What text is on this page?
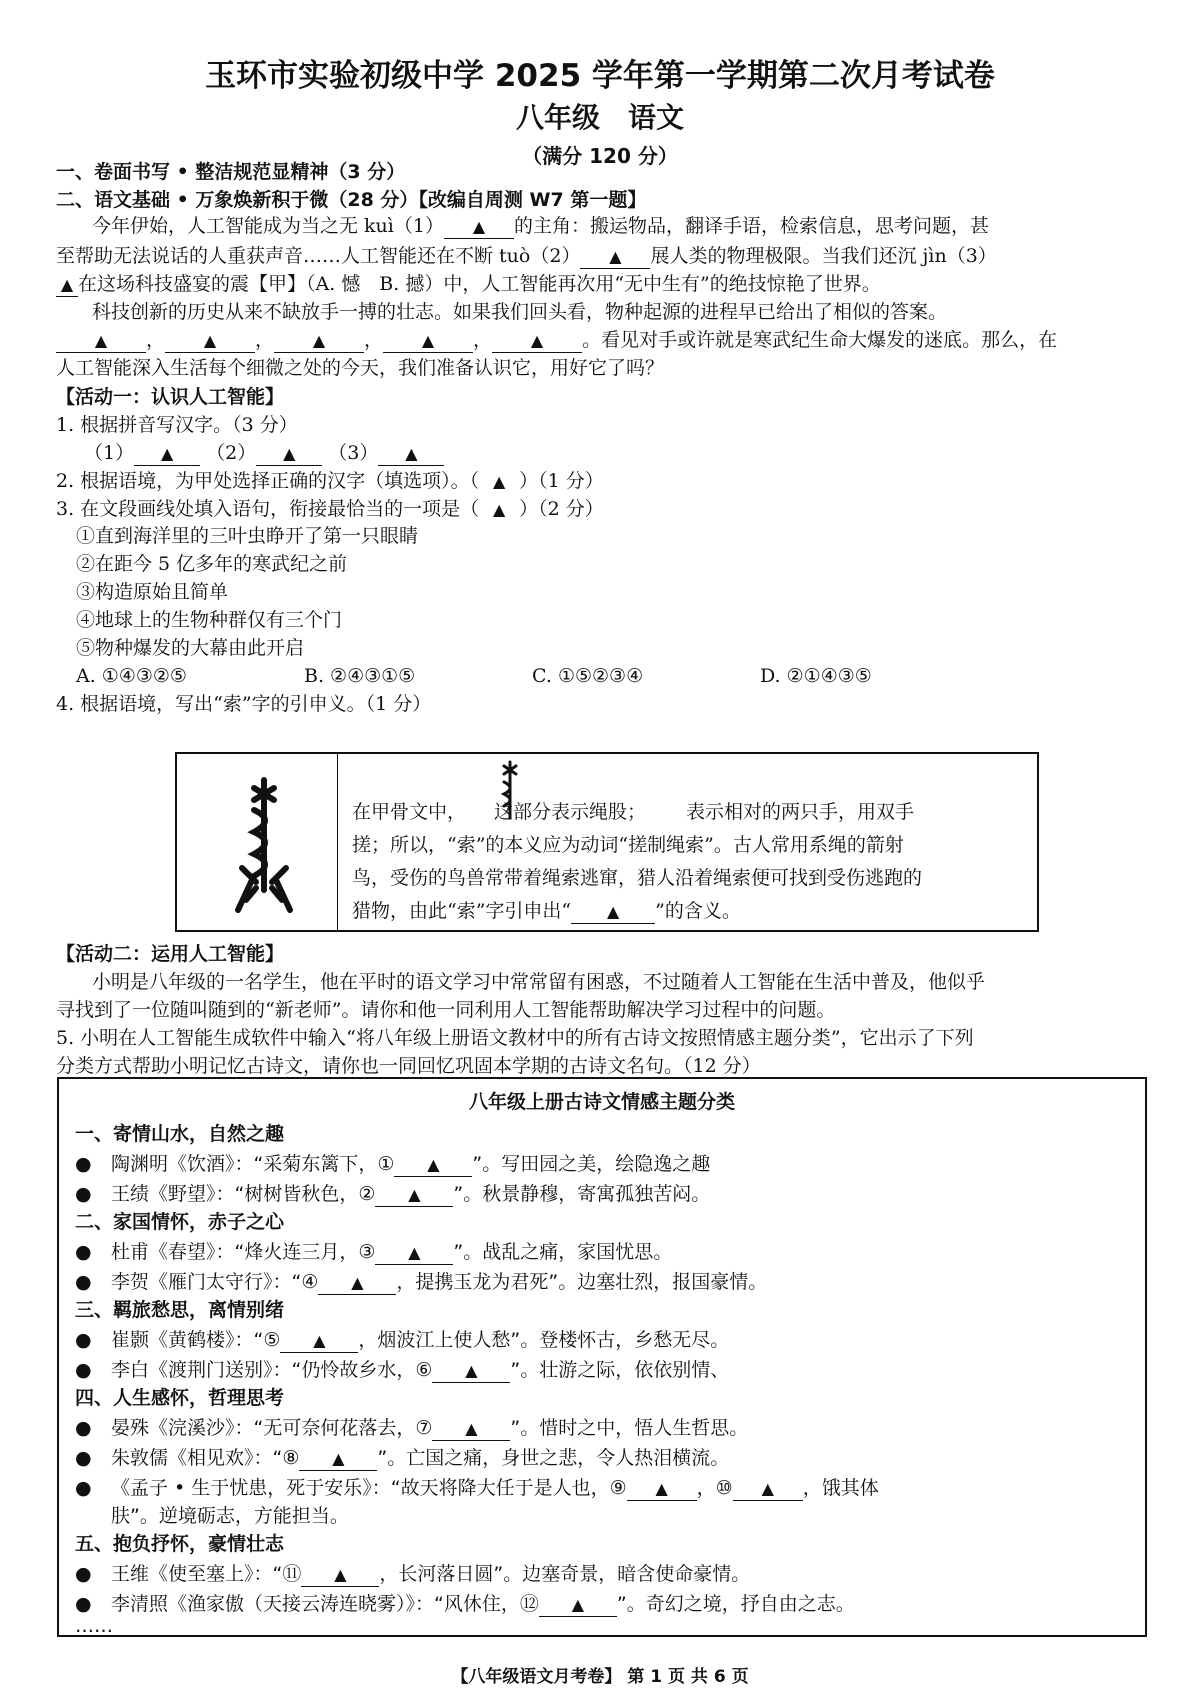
玉环市实验初级中学 2025 学年第一学期第二次月考试卷
八年级　语文
（满分 120 分）
一、卷面书写 • 整洁规范显精神（3 分）
二、语文基础 • 万象焕新积于微（28 分）【改编自周测 W7 第一题】
今年伊始，人工智能成为当之无 kuì（1） ▲ 的主角：搬运物品，翻译手语，检索信息，思考问题，甚
至帮助无法说话的人重获声音……人工智能还在不断 tuò（2） ▲ 展人类的物理极限。当我们还沉 jìn（3）
▲ 在这场科技盛宴的震【甲】（A. 憾　B. 撼）中，人工智能再次用“无中生有”的绝技惊艳了世界。
科技创新的历史从来不缺放手一搏的壮志。如果我们回头看，物种起源的进程早已给出了相似的答案。
▲ ， ▲ ， ▲ ， ▲ ， ▲ 。看见对手或许就是寒武纪生命大爆发的迷底。那么，在
人工智能深入生活每个细微之处的今天，我们准备认识它，用好它了吗？
【活动一：认识人工智能】
1. 根据拼音写汉字。（3 分）
（1） ▲ （2） ▲ （3） ▲
2. 根据语境，为甲处选择正确的汉字（填选项）。（ ▲ ）（1 分）
3. 在文段画线处填入语句，衔接最恰当的一项是（ ▲ ）（2 分）
①直到海洋里的三叶虫睁开了第一只眼睛
②在距今 5 亿多年的寒武纪之前
③构造原始且简单
④地球上的生物种群仅有三个门
⑤物种爆发的大幕由此开启
A. ①④③②⑤	B. ②④③①⑤	C. ①⑤②③④	D. ②①④③⑤
4. 根据语境，写出“索”字的引申义。（1 分）
在甲骨文中， 这部分表示绳股； 表示相对的两只手，用双手
搓；所以，“索”的本义应为动词“搓制绳索”。古人常用系绳的箭射
鸟，受伤的鸟兽常带着绳索逃窜，猎人沿着绳索便可找到受伤逃跑的
猎物，由此“索”字引申出“ ▲ ”的含义。
【活动二：运用人工智能】
小明是八年级的一名学生，他在平时的语文学习中常常留有困惑，不过随着人工智能在生活中普及，他似乎
寻找到了一位随叫随到的“新老师”。请你和他一同利用人工智能帮助解决学习过程中的问题。
5. 小明在人工智能生成软件中输入“将八年级上册语文教材中的所有古诗文按照情感主题分类”，它出示了下列
分类方式帮助小明记忆古诗文，请你也一同回忆巩固本学期的古诗文名句。（12 分）
八年级上册古诗文情感主题分类
一、寄情山水，自然之趣
● 陶渊明《饮酒》：“采菊东篱下，① ▲ ”。写田园之美，绘隐逸之趣
● 王绩《野望》：“树树皆秋色，② ▲ ”。秋景静穆，寄寓孤独苦闷。
二、家国情怀，赤子之心
● 杜甫《春望》：“烽火连三月，③ ▲ ”。战乱之痛，家国忧思。
● 李贺《雁门太守行》：“④ ▲ ，提携玉龙为君死”。边塞壮烈，报国豪情。
三、羁旅愁思，离情别绪
● 崔颢《黄鹤楼》：“⑤ ▲ ，烟波江上使人愁”。登楼怀古，乡愁无尽。
● 李白《渡荆门送别》：“仍怜故乡水，⑥ ▲ ”。壮游之际，依依别情、
四、人生感怀，哲理思考
● 晏殊《浣溪沙》：“无可奈何花落去，⑦ ▲ ”。惜时之中，悟人生哲思。
● 朱敦儒《相见欢》：“⑧ ▲ ”。亡国之痛，身世之悲，令人热泪横流。
● 《孟子 • 生于忧患，死于安乐》：“故天将降大任于是人也，⑨ ▲ ，⑩ ▲ ，饿其体
肤”。逆境砺志，方能担当。
五、抱负抒怀，豪情壮志
● 王维《使至塞上》：“⑪ ▲ ，长河落日圆”。边塞奇景，暗含使命豪情。
● 李清照《渔家傲（天接云涛连晓雾）》：“风休住，⑫ ▲ ”。奇幻之境，抒自由之志。
……
【八年级语文月考卷】 第 1 页 共 6 页
